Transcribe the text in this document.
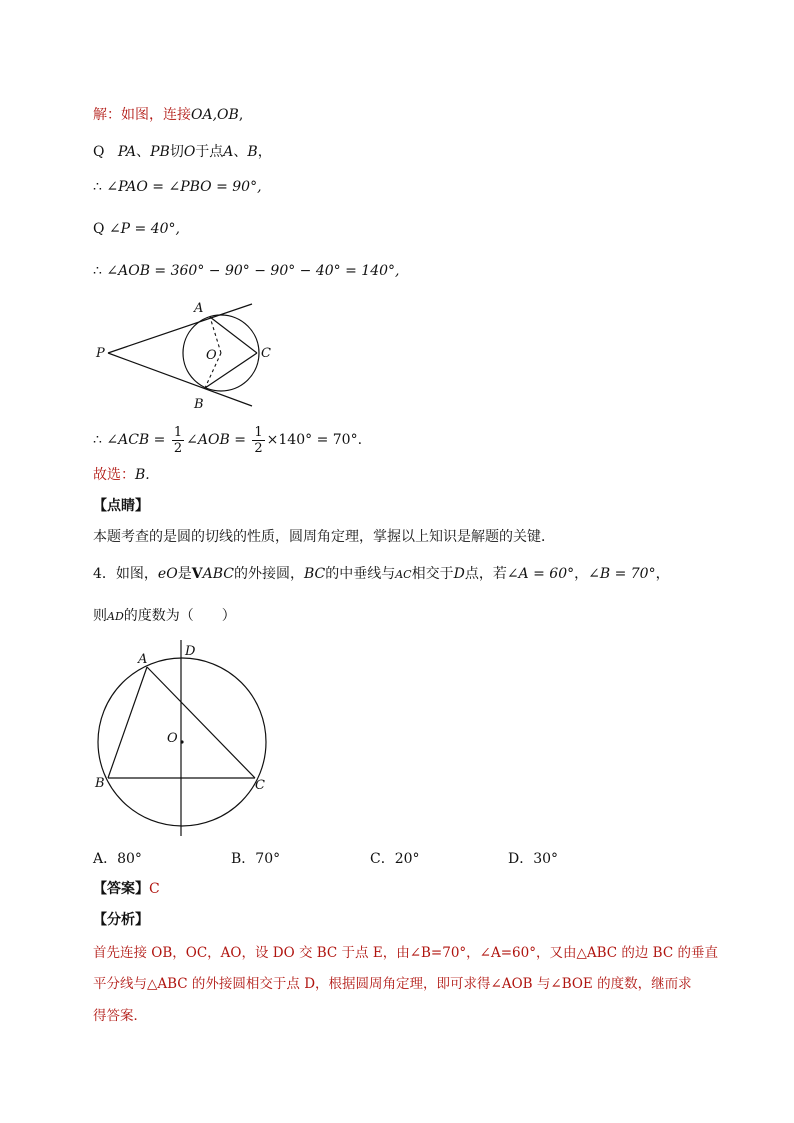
解：如图，连接OA,OB,
Q PA、PB切O于点A、B，
∴ ∠PAO = ∠PBO = 90°,
Q ∠P = 40°,
∴ ∠AOB = 360° − 90° − 90° − 40° = 140°,
P
A
B
O	C
∴ ∠ACB = $\frac{1}{2}$ ∠AOB = $\frac{1}{2} \times 140^\circ = 70^\circ$.
故选：B.
【点睛】
本题考查的是圆的切线的性质，圆周角定理，掌握以上知识是解题的关键．
4．如图，eO是VABC的外接圆，BC的中垂线与AC相交于D点，若∠A = 60°，∠B = 70°，
则AD的度数为（　　）
A
D
O
B	C
A．80°	B．70°	C．20°	D．30°
【答案】C
【分析】
首先连接 OB，OC，AO，设 DO 交 BC 于点 E，由∠B=70°，∠A=60°，又由△ABC 的边 BC 的垂直
平分线与△ABC 的外接圆相交于点 D，根据圆周角定理，即可求得∠AOB 与∠BOE 的度数，继而求
得答案．
